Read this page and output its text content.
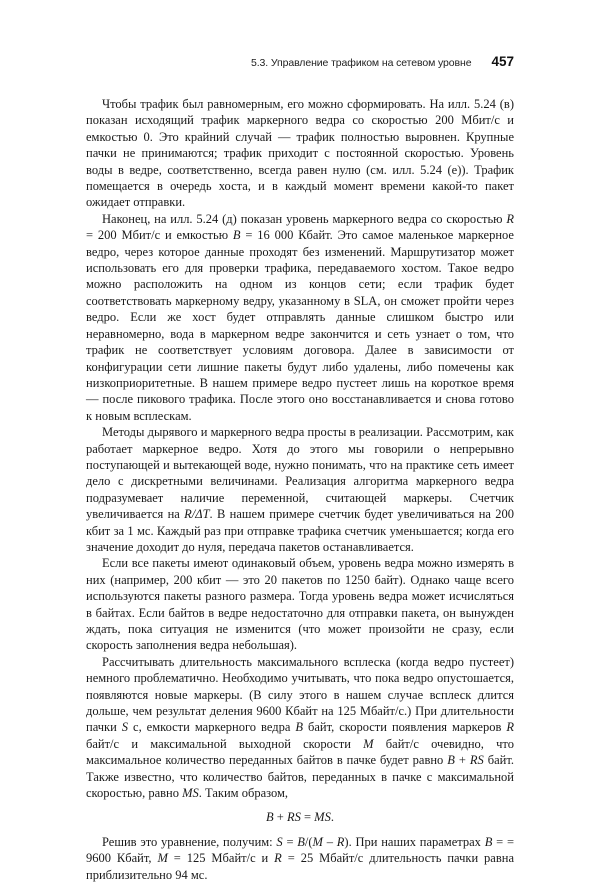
5.3. Управление трафиком на сетевом уровне 457

Чтобы трафик был равномерным, его можно сформировать. На илл. 5.24 (в) показан исходящий трафик маркерного ведра со скоростью 200 Мбит/с и емкостью 0. Это крайний случай — трафик полностью выровнен. Крупные пачки не принимаются; трафик приходит с постоянной скоростью. Уровень воды в ведре, соответственно, всегда равен нулю (см. илл. 5.24 (е)). Трафик помещается в очередь хоста, и в каждый момент времени какой-то пакет ожидает отправки.

Наконец, на илл. 5.24 (д) показан уровень маркерного ведра со скоростью R = 200 Мбит/с и емкостью B = 16 000 Кбайт. Это самое маленькое маркерное ведро, через которое данные проходят без изменений. Маршрутизатор может использовать его для проверки трафика, передаваемого хостом. Такое ведро можно расположить на одном из концов сети; если трафик будет соответствовать маркерному ведру, указанному в SLA, он сможет пройти через ведро. Если же хост будет отправлять данные слишком быстро или неравномерно, вода в маркерном ведре закончится и сеть узнает о том, что трафик не соответствует условиям договора. Далее в зависимости от конфигурации сети лишние пакеты будут либо удалены, либо помечены как низкоприоритетные. В нашем примере ведро пустеет лишь на короткое время — после пикового трафика. После этого оно восстанавливается и снова готово к новым всплескам.

Методы дырявого и маркерного ведра просты в реализации. Рассмотрим, как работает маркерное ведро. Хотя до этого мы говорили о непрерывно поступающей и вытекающей воде, нужно понимать, что на практике сеть имеет дело с дискретными величинами. Реализация алгоритма маркерного ведра подразумевает наличие переменной, считающей маркеры. Счетчик увеличивается на R/ΔT. В нашем примере счетчик будет увеличиваться на 200 кбит за 1 мс. Каждый раз при отправке трафика счетчик уменьшается; когда его значение доходит до нуля, передача пакетов останавливается.

Если все пакеты имеют одинаковый объем, уровень ведра можно измерять в них (например, 200 кбит — это 20 пакетов по 1250 байт). Однако чаще всего используются пакеты разного размера. Тогда уровень ведра может исчисляться в байтах. Если байтов в ведре недостаточно для отправки пакета, он вынужден ждать, пока ситуация не изменится (что может произойти не сразу, если скорость заполнения ведра небольшая).

Рассчитывать длительность максимального всплеска (когда ведро пустеет) немного проблематично. Необходимо учитывать, что пока ведро опустошается, появляются новые маркеры. (В силу этого в нашем случае всплеск длится дольше, чем результат деления 9600 Кбайт на 125 Мбайт/с.) При длительности пачки S с, емкости маркерного ведра B байт, скорости появления маркеров R байт/с и максимальной выходной скорости M байт/с очевидно, что максимальное количество переданных байтов в пачке будет равно B + RS байт. Также известно, что количество байтов, переданных в пачке с максимальной скоростью, равно MS. Таким образом,

B + RS = MS.

Решив это уравнение, получим: S = B/(M – R). При наших параметрах B = = 9600 Кбайт, M = 125 Мбайт/с и R = 25 Мбайт/с длительность пачки равна приблизительно 94 мс.
